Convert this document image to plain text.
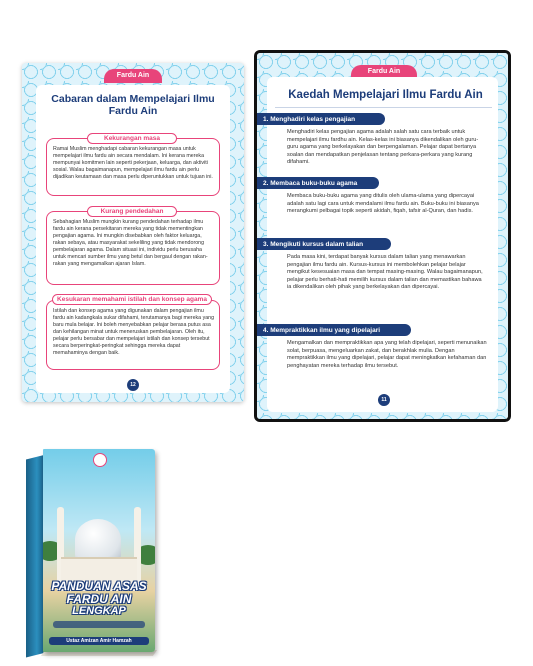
Fardu Ain
Cabaran dalam Mempelajari Ilmu Fardu Ain
Kekurangan masa
Ramai Muslim menghadapi cabaran kekurangan masa untuk mempelajari ilmu fardu ain secara mendalam. Ini kerana mereka mempunyai komitmen lain seperti pekerjaan, keluarga, dan aktiviti sosial. Walau bagaimanapun, mempelajari ilmu fardu ain perlu dijadikan keutamaan dan masa perlu diperuntukkan untuk tujuan ini.
Kurang pendedahan
Sebahagian Muslim mungkin kurang pendedahan terhadap ilmu fardu ain kerana persekitaran mereka yang tidak mementingkan pengajian agama. Ini mungkin disebabkan oleh faktor keluarga, rakan sebaya, atau masyarakat sekeliling yang tidak mendorong pembelajaran agama. Dalam situasi ini, individu perlu berusaha untuk mencari sumber ilmu yang betul dan bergaul dengan rakan-rakan yang mengamalkan ajaran Islam.
Kesukaran memahami istilah dan konsep agama
Istilah dan konsep agama yang digunakan dalam pengajian ilmu fardu ain kadangkala sukar difahami, terutamanya bagi mereka yang baru mula belajar. Ini boleh menyebabkan pelajar berasa putus asa dan kehilangan minat untuk meneruskan pembelajaran. Oleh itu, pelajar perlu bersabar dan mempelajari istilah dan konsep tersebut secara berperingkat-peringkat sehingga mereka dapat memahaminya dengan baik.
12
Fardu Ain
Kaedah Mempelajari Ilmu Fardu Ain
1. Menghadiri kelas pengajian
Menghadiri kelas pengajian agama adalah salah satu cara terbaik untuk mempelajari ilmu fardhu ain. Kelas-kelas ini biasanya dikendalikan oleh guru-guru agama yang berkelayakan dan berpengalaman. Pelajar dapat bertanya soalan dan mendapatkan penjelasan tentang perkara-perkara yang kurang difahami.
2. Membaca buku-buku agama
Membaca buku-buku agama yang ditulis oleh ulama-ulama yang dipercayai adalah satu lagi cara untuk mendalami ilmu fardu ain. Buku-buku ini biasanya merangkumi pelbagai topik seperti akidah, fiqah, tafsir al-Quran, dan hadis.
3. Mengikuti kursus dalam talian
Pada masa kini, terdapat banyak kursus dalam talian yang menawarkan pengajian ilmu fardu ain. Kursus-kursus ini membolehkan pelajar belajar mengikut kesesuaian masa dan tempat masing-masing. Walau bagaimanapun, pelajar perlu berhati-hati memilih kursus dalam talian dan memastikan bahawa ia dikendalikan oleh pihak yang berkelayakan dan dipercayai.
4. Mempraktikkan ilmu yang dipelajari
Mengamalkan dan mempraktikkan apa yang telah dipelajari, seperti menunaikan solat, berpuasa, mengeluarkan zakat, dan berakhlak mulia. Dengan mempraktikkan ilmu yang dipelajari, pelajar dapat meningkatkan kefahaman dan penghayatan mereka terhadap ilmu tersebut.
11
PANDUAN ASAS
FARDU AIN
LENGKAP

Ustaz Amizan Amir Hamzah
